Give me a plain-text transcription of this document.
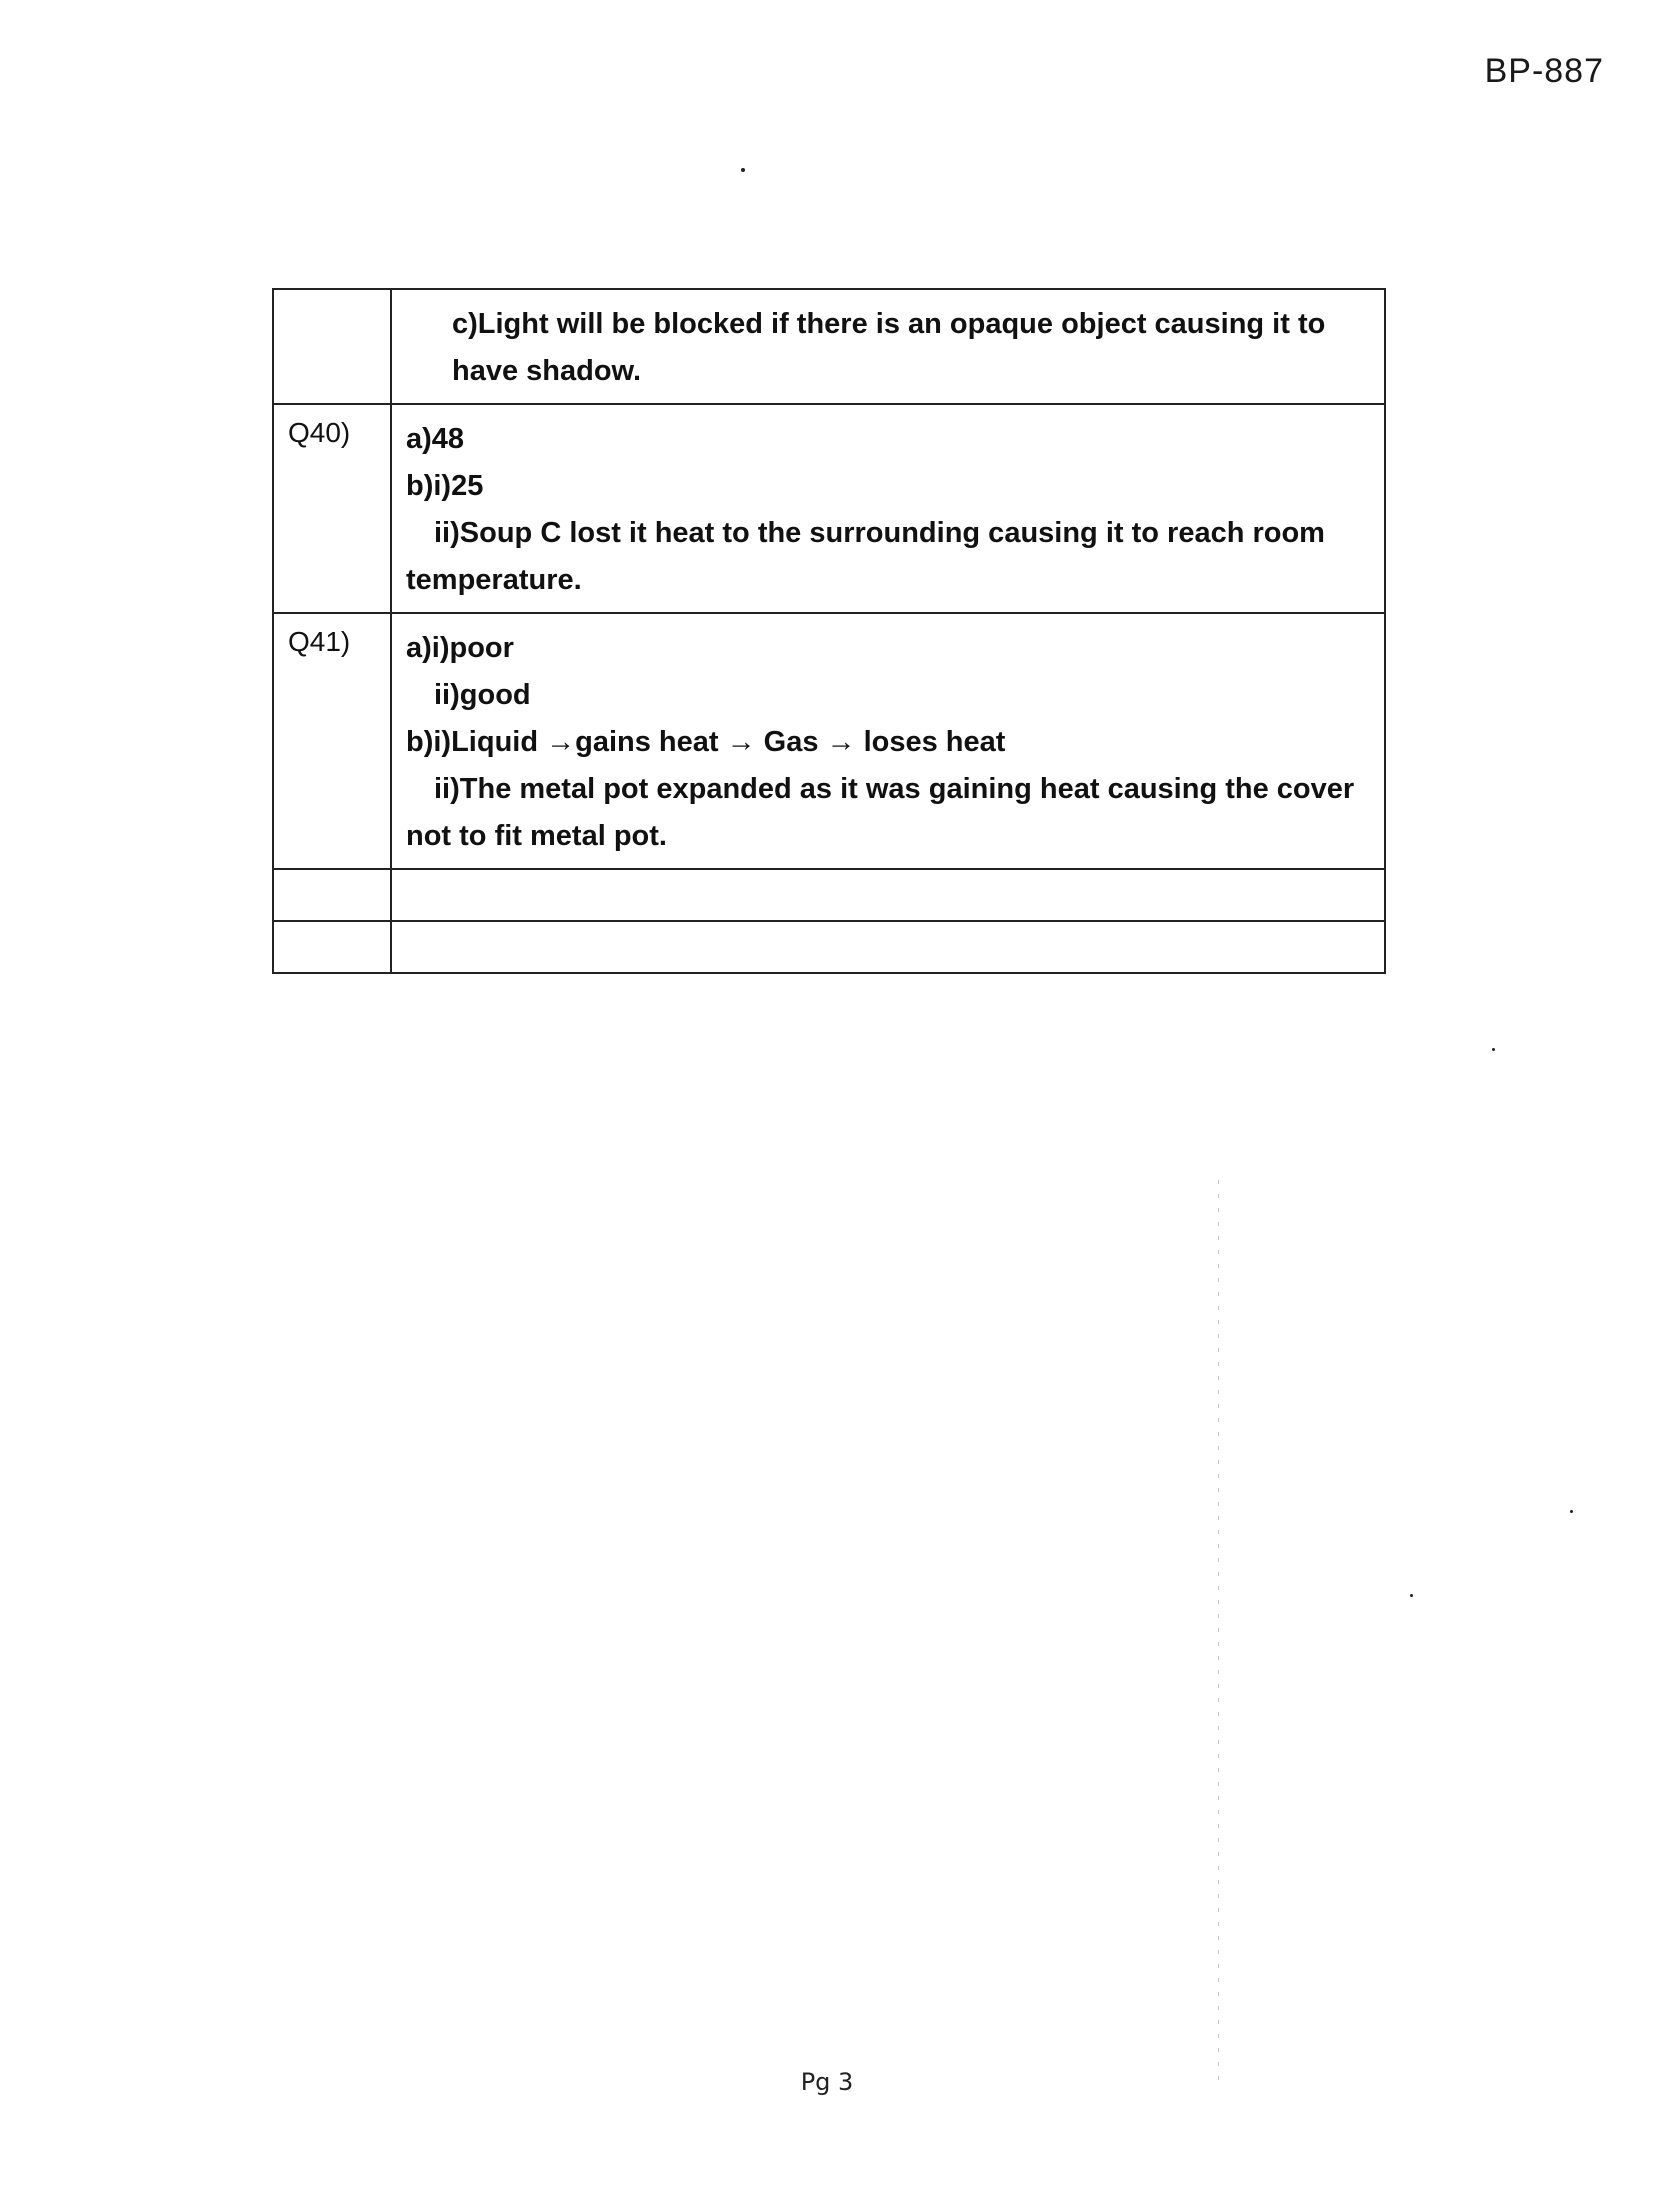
BP-887

	c)Light will be blocked if there is an opaque object causing it to
have shadow.

Q40)	a)48
b)i)25
ii)Soup C lost it heat to the surrounding causing it to reach room
temperature.

Q41)	a)i)poor
ii)good
b)i)Liquid →gains heat → Gas → loses heat
ii)The metal pot expanded as it was gaining heat causing the cover
not to fit metal pot.

Pg 3
